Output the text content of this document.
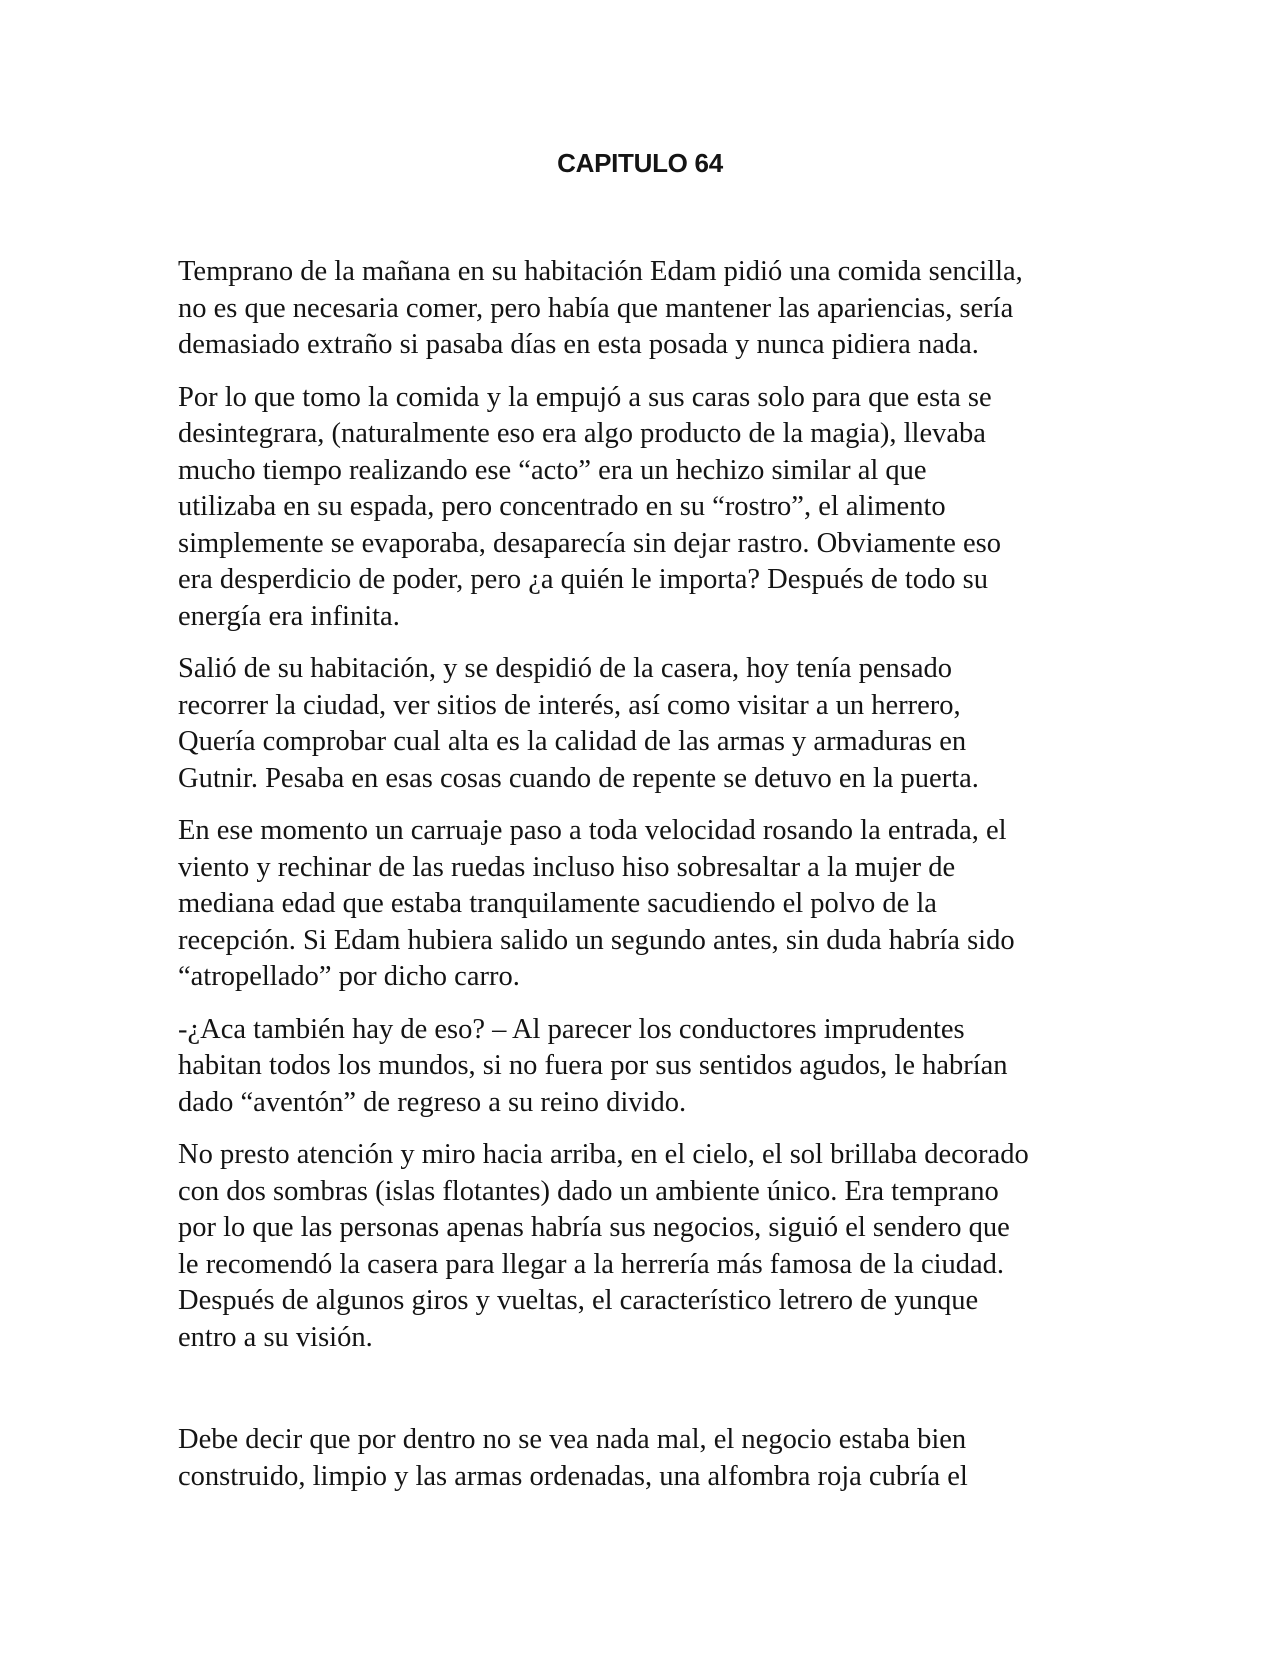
CAPITULO 64

Temprano de la mañana en su habitación Edam pidió una comida sencilla,
no es que necesaria comer, pero había que mantener las apariencias, sería
demasiado extraño si pasaba días en esta posada y nunca pidiera nada.

Por lo que tomo la comida y la empujó a sus caras solo para que esta se
desintegrara, (naturalmente eso era algo producto de la magia), llevaba
mucho tiempo realizando ese “acto” era un hechizo similar al que
utilizaba en su espada, pero concentrado en su “rostro”, el alimento
simplemente se evaporaba, desaparecía sin dejar rastro. Obviamente eso
era desperdicio de poder, pero ¿a quién le importa? Después de todo su
energía era infinita.

Salió de su habitación, y se despidió de la casera, hoy tenía pensado
recorrer la ciudad, ver sitios de interés, así como visitar a un herrero,
Quería comprobar cual alta es la calidad de las armas y armaduras en
Gutnir. Pesaba en esas cosas cuando de repente se detuvo en la puerta.

En ese momento un carruaje paso a toda velocidad rosando la entrada, el
viento y rechinar de las ruedas incluso hiso sobresaltar a la mujer de
mediana edad que estaba tranquilamente sacudiendo el polvo de la
recepción. Si Edam hubiera salido un segundo antes, sin duda habría sido
“atropellado” por dicho carro.

-¿Aca también hay de eso? – Al parecer los conductores imprudentes
habitan todos los mundos, si no fuera por sus sentidos agudos, le habrían
dado “aventón” de regreso a su reino divido.

No presto atención y miro hacia arriba, en el cielo, el sol brillaba decorado
con dos sombras (islas flotantes) dado un ambiente único. Era temprano
por lo que las personas apenas habría sus negocios, siguió el sendero que
le recomendó la casera para llegar a la herrería más famosa de la ciudad.
Después de algunos giros y vueltas, el característico letrero de yunque
entro a su visión.

Debe decir que por dentro no se vea nada mal, el negocio estaba bien
construido, limpio y las armas ordenadas, una alfombra roja cubría el
